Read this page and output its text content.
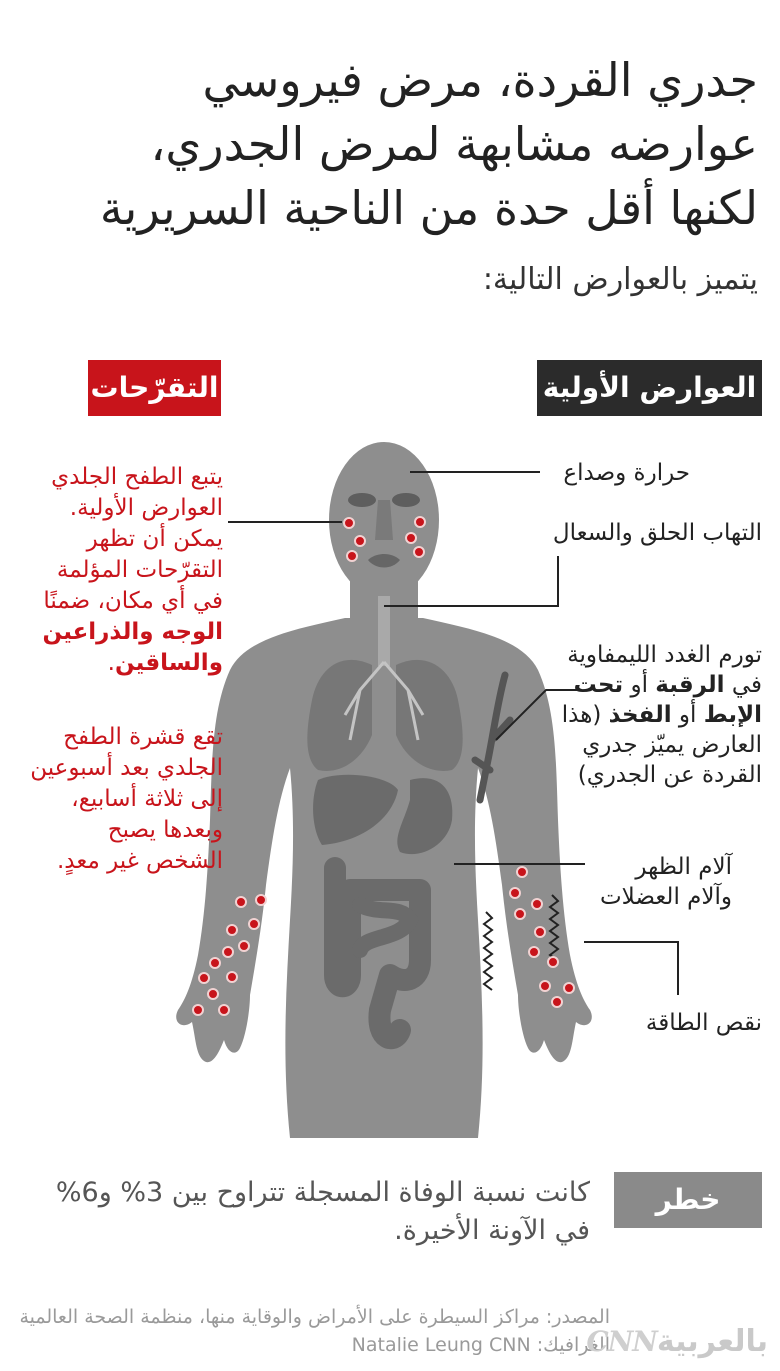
جدري القردة، مرض فيروسي
عوارضه مشابهة لمرض الجدري،
لكنها أقل حدة من الناحية السريرية
يتميز بالعوارض التالية:
العوارض الأولية
التقرّحات
حرارة وصداع
التهاب الحلق والسعال
تورم الغدد الليمفاوية
في الرقبة أو تحت
الإبط أو الفخذ (هذا
العارض يميّز جدري
القردة عن الجدري)
آلام الظهر
وآلام العضلات
نقص الطاقة
يتبع الطفح الجلدي
العوارض الأولية.
يمكن أن تظهر
التقرّحات المؤلمة
في أي مكان، ضمنًا
الوجه والذراعين
والساقين.
تقع قشرة الطفح
الجلدي بعد أسبوعين
إلى ثلاثة أسابيع،
وبعدها يصبح
الشخص غير معدٍ.
خطر الموت
كانت نسبة الوفاة المسجلة تتراوح بين 3% و6%
في الآونة الأخيرة.
المصدر: مراكز السيطرة على الأمراض والوقاية منها، منظمة الصحة العالمية
الغرافيك: Natalie Leung CNN	بالعربيةCNN
